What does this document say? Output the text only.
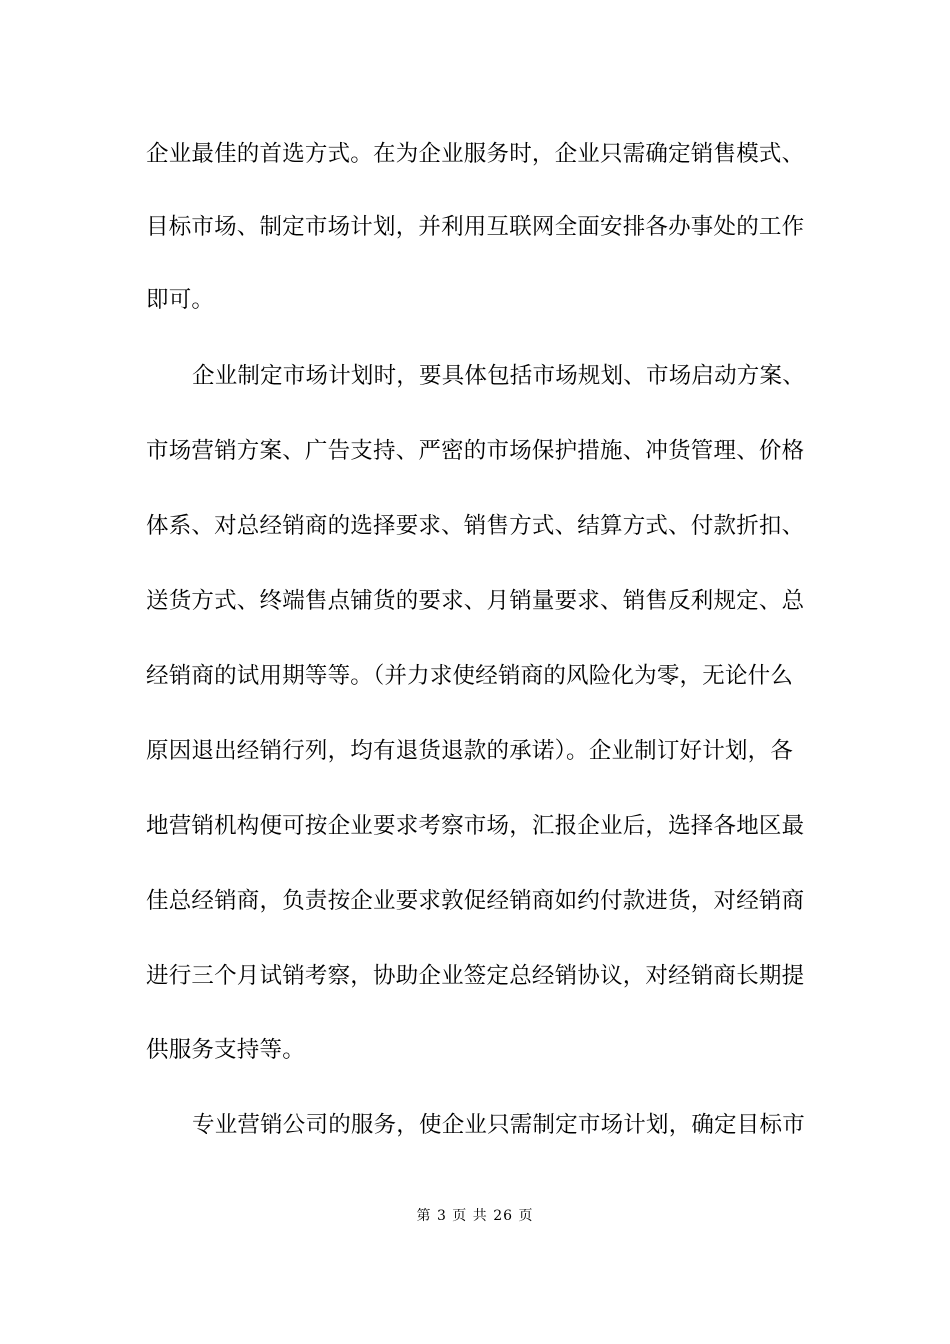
企业最佳的首选方式。在为企业服务时，企业只需确定销售模式、
目标市场、制定市场计划，并利用互联网全面安排各办事处的工作
即可。
企业制定市场计划时，要具体包括市场规划、市场启动方案、
市场营销方案、广告支持、严密的市场保护措施、冲货管理、价格
体系、对总经销商的选择要求、销售方式、结算方式、付款折扣、
送货方式、终端售点铺货的要求、月销量要求、销售反利规定、总
经销商的试用期等等。（并力求使经销商的风险化为零，无论什么
原因退出经销行列，均有退货退款的承诺）。企业制订好计划，各
地营销机构便可按企业要求考察市场，汇报企业后，选择各地区最
佳总经销商，负责按企业要求敦促经销商如约付款进货，对经销商
进行三个月试销考察，协助企业签定总经销协议，对经销商长期提
供服务支持等。
专业营销公司的服务，使企业只需制定市场计划，确定目标市
第 3 页 共 26 页
